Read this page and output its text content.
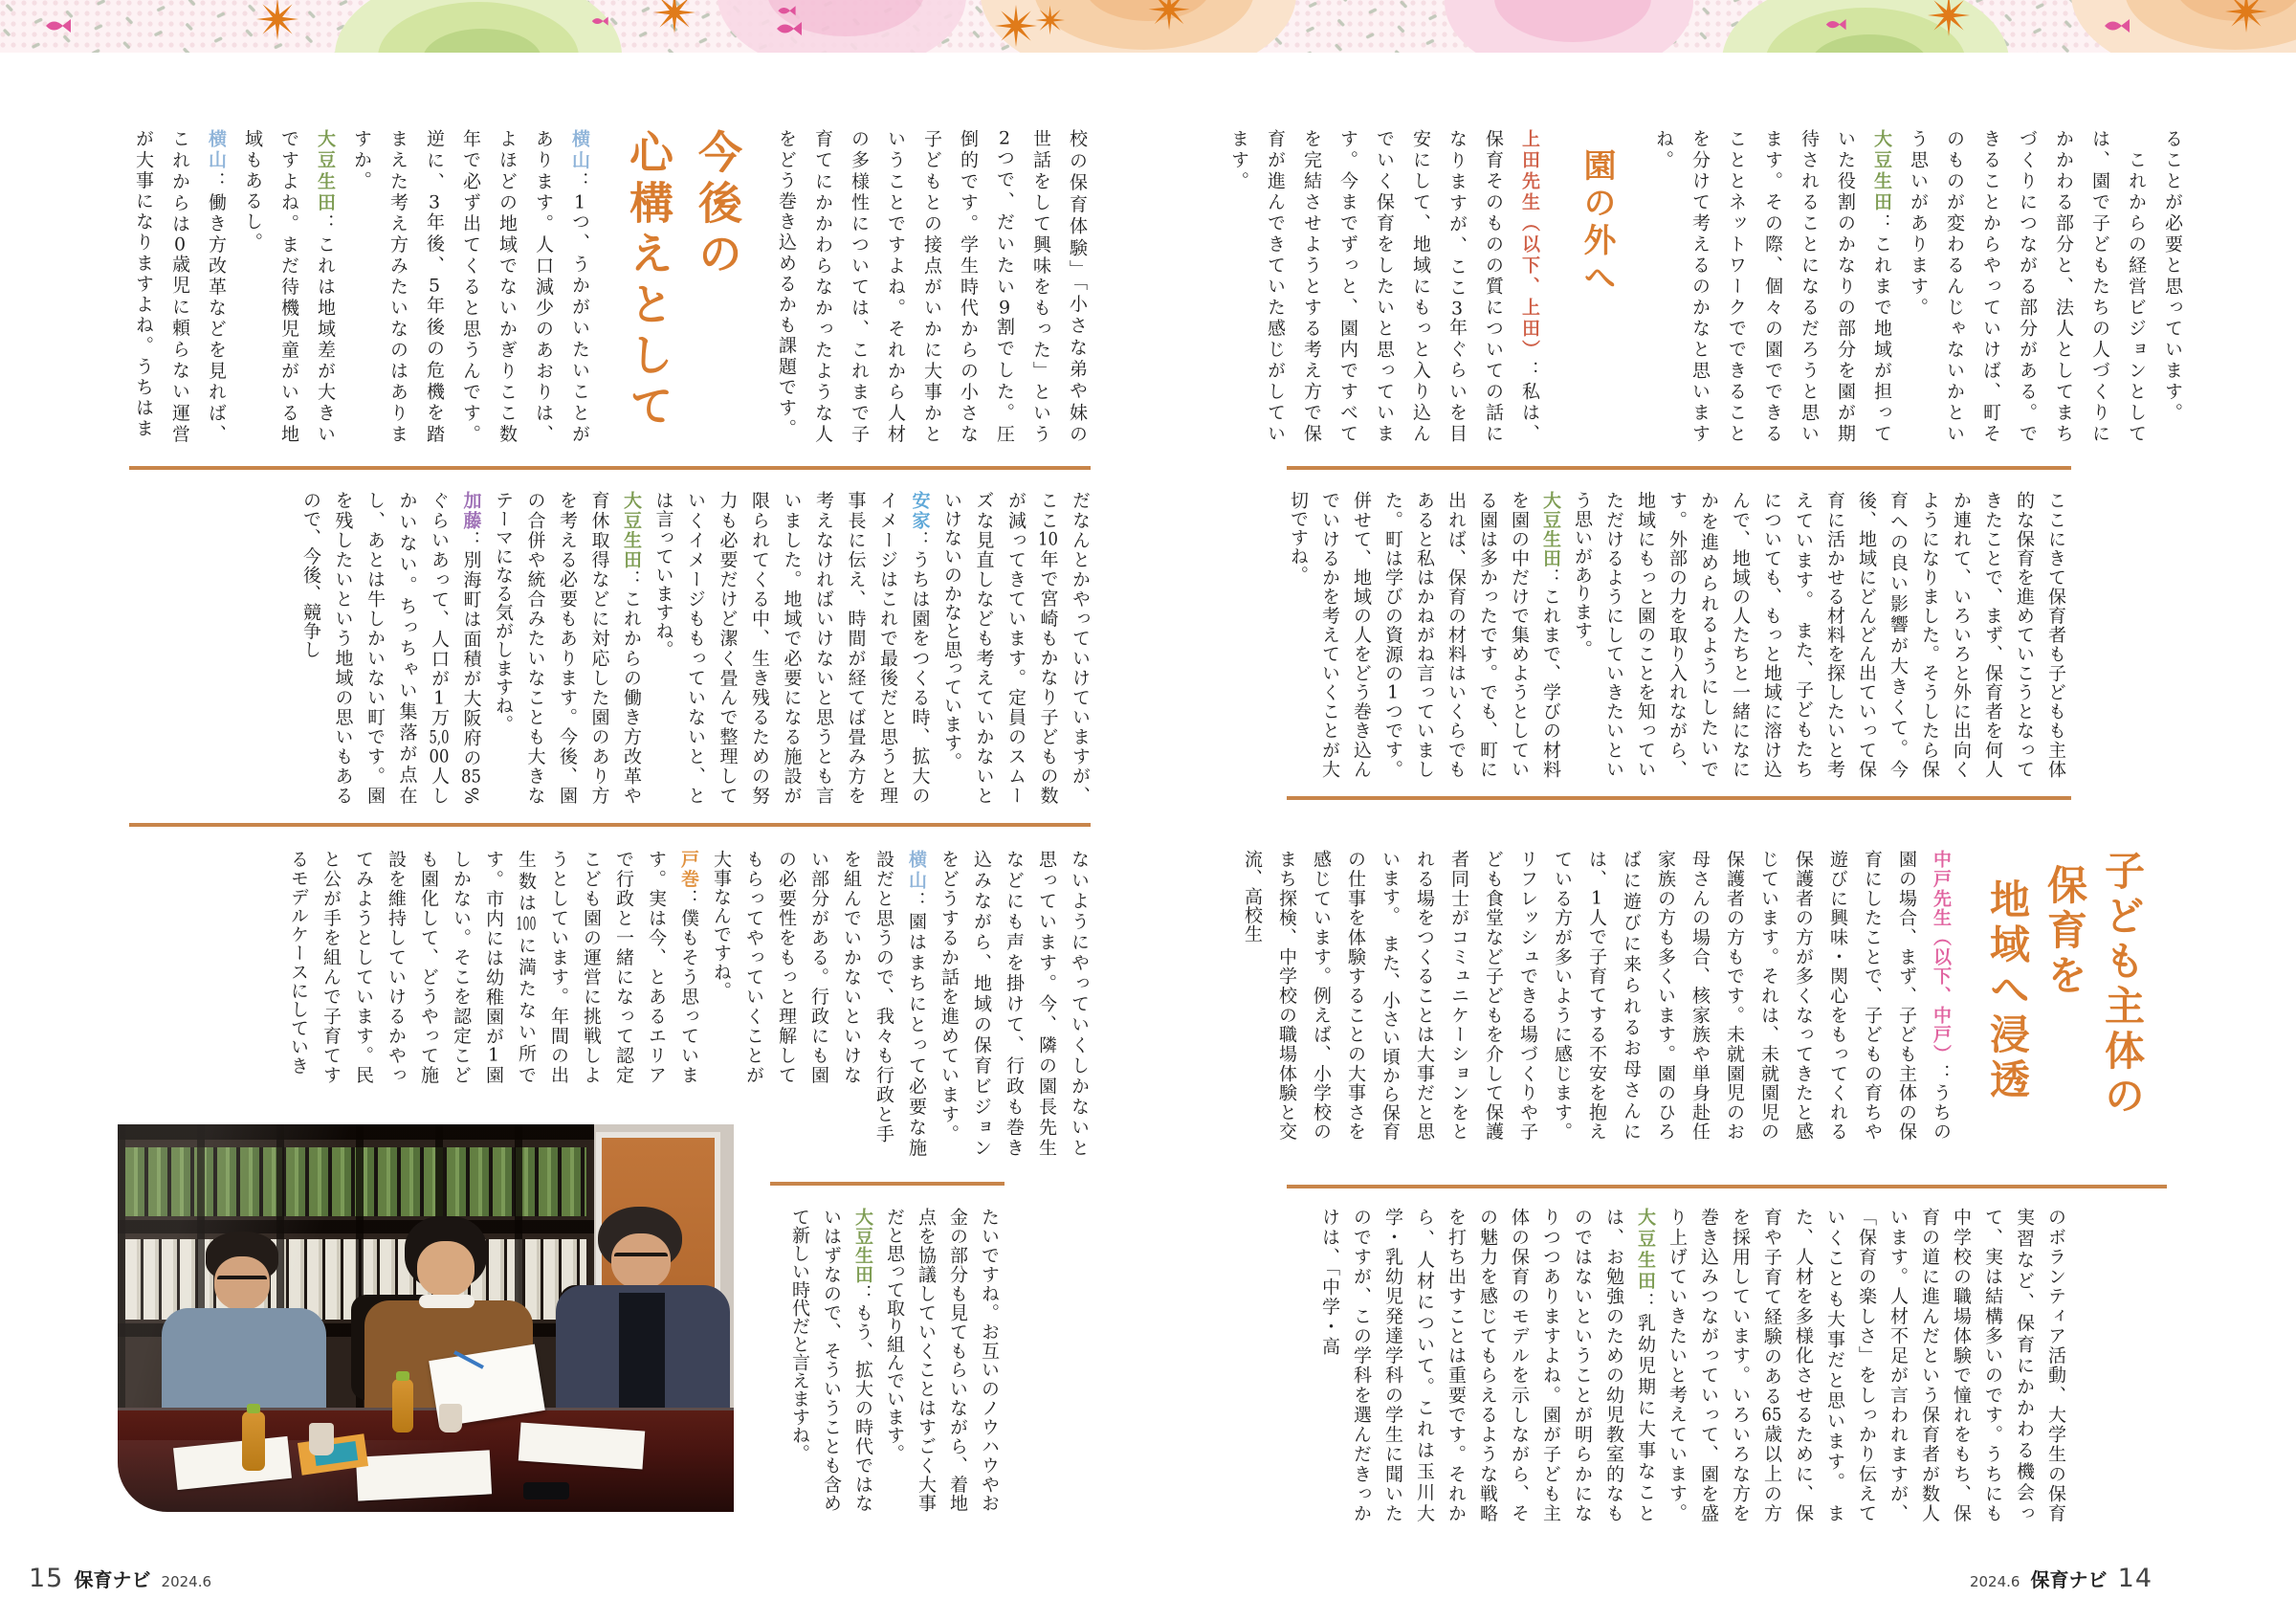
校の保育体験」「小さな弟や妹の世話をして興味をもった」という2つで、だいたい9割でした。圧倒的です。学生時代からの小さな子どもとの接点がいかに大事かということですよね。それから人材の多様性については、これまで子育てにかかわらなかったような人をどう巻き込めるかも課題です。

今後の
心構えとして

横山：1つ、うかがいたいことがあります。人口減少のあおりは、よほどの地域でないかぎりここ数年で必ず出てくると思うんです。逆に、3年後、5年後の危機を踏まえた考え方みたいなのはありますか。

大豆生田：これは地域差が大きいですよね。まだ待機児童がいる地域もあるし。

横山：働き方改革などを見れば、これからは0歳児に頼らない運営が大事になりますよね。うちはま

だなんとかやっていけていますが、ここ10年で宮崎もかなり子どもの数が減ってきています。定員のスムーズな見直しなども考えていかないといけないのかなと思っています。

安家：うちは園をつくる時、拡大のイメージはこれで最後だと思うと理事長に伝え、時間が経てば畳み方を考えなければいけないと思うとも言いました。地域で必要になる施設が限られてくる中、生き残るための努力も必要だけど潔く畳んで整理していくイメージももっていないと、とは言っていますね。

大豆生田：これからの働き方改革や育休取得などに対応した園のあり方を考える必要もあります。今後、園の合併や統合みたいなことも大きなテーマになる気がしますね。

加藤：別海町は面積が大阪府の85%ぐらいあって、人口が1万5,000人しかいない。ちっちゃい集落が点在し、あとは牛しかいない町です。園を残したいという地域の思いもあるので、今後、競争し

ないようにやっていくしかないと思っています。今、隣の園長先生などにも声を掛けて、行政も巻き込みながら、地域の保育ビジョンをどうするか話を進めています。

横山：園はまちにとって必要な施設だと思うので、我々も行政と手

を組んでいかないといけない部分がある。行政にも園の必要性をもっと理解してもらってやっていくことが大事なんですね。

戸巻：僕もそう思っています。実は今、とあるエリアで行政と一緒になって認定こども園の運営に挑戦しようとしています。年間の出生数は100に満たない所です。市内には幼稚園が1園しかない。そこを認定こども園化して、どうやって施設を維持していけるかやってみようとしています。民と公が手を組んで子育てするモデルケースにしていき

たいですね。お互いのノウハウやお金の部分も見てもらいながら、着地点を協議していくことはすごく大事だと思って取り組んでいます。

大豆生田：もう、拡大の時代ではないはずなので、そういうことも含めて新しい時代だと言えますね。

15 保育ナビ 2024.6

ることが必要と思っています。

　これからの経営ビジョンとしては、園で子どもたちの人づくりにかかわる部分と、法人としてまちづくりにつながる部分がある。できることからやっていけば、町そのものが変わるんじゃないかという思いがあります。

大豆生田：これまで地域が担っていた役割のかなりの部分を園が期待されることになるだろうと思います。その際、個々の園でできることとネットワークでできることを分けて考えるのかなと思いますね。

園の外へ

上田先生（以下、上田）：私は、保育そのものの質についての話になりますが、ここ3年ぐらいを目安にして、地域にもっと入り込んでいく保育をしたいと思っています。今までずっと、園内ですべてを完結させようとする考え方で保育が進んできていた感じがしています。

ここにきて保育者も子どもも主体的な保育を進めていこうとなってきたことで、まず、保育者を何人か連れて、いろいろと外に出向くようになりました。そうしたら保育への良い影響が大きくて。今後、地域にどんどん出ていって保育に活かせる材料を探したいと考えています。　また、子どもたちについても、もっと地域に溶け込んで、地域の人たちと一緒になにかを進められるようにしたいです。外部の力を取り入れながら、地域にもっと園のことを知っていただけるようにしていきたいという思いがあります。

大豆生田：これまで、学びの材料を園の中だけで集めようとしている園は多かったです。でも、町に出れば、保育の材料はいくらでもあると私はかねがね言っていました。町は学びの資源の1つです。併せて、地域の人をどう巻き込んでいけるかを考えていくことが大切ですね。

子ども主体の
保育を
地域へ浸透

中戸先生（以下、中戸）：うちの園の場合、まず、子ども主体の保育にしたことで、子どもの育ちや遊びに興味・関心をもってくれる保護者の方が多くなってきたと感じています。それは、未就園児の保護者の方もです。未就園児のお母さんの場合、核家族や単身赴任家族の方も多くいます。園のひろばに遊びに来られるお母さんには、1人で子育てする不安を抱えている方が多いように感じます。リフレッシュできる場づくりや子ども食堂など子どもを介して保護者同士がコミュニケーションをとれる場をつくることは大事だと思います。　また、小さい頃から保育の仕事を体験することの大事さを感じています。例えば、小学校のまち探検、中学校の職場体験と交流、高校生

のボランティア活動、大学生の保育実習など、保育にかかわる機会って、実は結構多いのです。うちにも中学校の職場体験で憧れをもち、保育の道に進んだという保育者が数人います。人材不足が言われますが、「保育の楽しさ」をしっかり伝えていくことも大事だと思います。　また、人材を多様化させるために、保育や子育て経験のある65歳以上の方を採用しています。いろいろな方を巻き込みつながっていって、園を盛り上げていきたいと考えています。

大豆生田：乳幼児期に大事なことは、お勉強のための幼児教室的なものではないということが明らかになりつつありますよね。園が子ども主体の保育のモデルを示しながら、その魅力を感じてもらえるような戦略を打ち出すことは重要です。それから、人材について。これは玉川大学・乳幼児発達学科の学生に聞いたのですが、この学科を選んだきっかけは、「中学・高

2024.6 保育ナビ 14
